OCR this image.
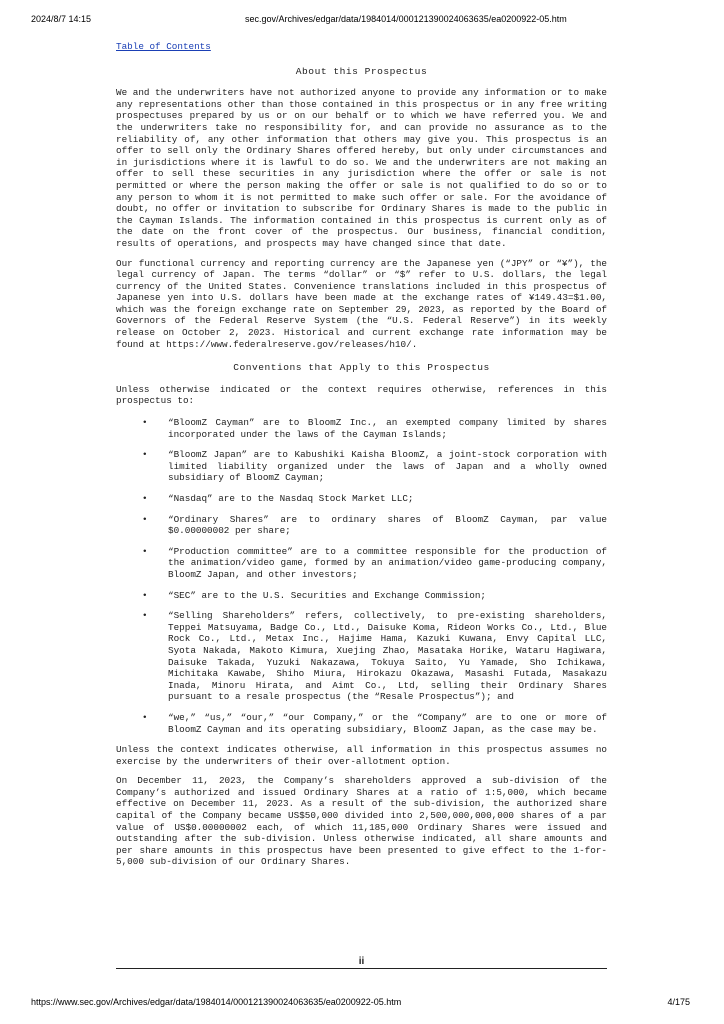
2024/8/7 14:15	sec.gov/Archives/edgar/data/1984014/000121390024063635/ea0200922-05.htm
Table of Contents
About this Prospectus
We and the underwriters have not authorized anyone to provide any information or to make any representations other than those contained in this prospectus or in any free writing prospectuses prepared by us or on our behalf or to which we have referred you. We and the underwriters take no responsibility for, and can provide no assurance as to the reliability of, any other information that others may give you. This prospectus is an offer to sell only the Ordinary Shares offered hereby, but only under circumstances and in jurisdictions where it is lawful to do so. We and the underwriters are not making an offer to sell these securities in any jurisdiction where the offer or sale is not permitted or where the person making the offer or sale is not qualified to do so or to any person to whom it is not permitted to make such offer or sale. For the avoidance of doubt, no offer or invitation to subscribe for Ordinary Shares is made to the public in the Cayman Islands. The information contained in this prospectus is current only as of the date on the front cover of the prospectus. Our business, financial condition, results of operations, and prospects may have changed since that date.
Our functional currency and reporting currency are the Japanese yen (“JPY” or “¥”), the legal currency of Japan. The terms “dollar” or “$” refer to U.S. dollars, the legal currency of the United States. Convenience translations included in this prospectus of Japanese yen into U.S. dollars have been made at the exchange rates of ¥149.43=$1.00, which was the foreign exchange rate on September 29, 2023, as reported by the Board of Governors of the Federal Reserve System (the “U.S. Federal Reserve”) in its weekly release on October 2, 2023. Historical and current exchange rate information may be found at https://www.federalreserve.gov/releases/h10/.
Conventions that Apply to this Prospectus
Unless otherwise indicated or the context requires otherwise, references in this prospectus to:
• “BloomZ Cayman” are to BloomZ Inc., an exempted company limited by shares incorporated under the laws of the Cayman Islands;
• “BloomZ Japan” are to Kabushiki Kaisha BloomZ, a joint-stock corporation with limited liability organized under the laws of Japan and a wholly owned subsidiary of BloomZ Cayman;
• “Nasdaq” are to the Nasdaq Stock Market LLC;
• “Ordinary Shares” are to ordinary shares of BloomZ Cayman, par value $0.00000002 per share;
• “Production committee” are to a committee responsible for the production of the animation/video game, formed by an animation/video game-producing company, BloomZ Japan, and other investors;
• “SEC” are to the U.S. Securities and Exchange Commission;
• “Selling Shareholders” refers, collectively, to pre-existing shareholders, Teppei Matsuyama, Badge Co., Ltd., Daisuke Koma, Rideon Works Co., Ltd., Blue Rock Co., Ltd., Metax Inc., Hajime Hama, Kazuki Kuwana, Envy Capital LLC, Syota Nakada, Makoto Kimura, Xuejing Zhao, Masataka Horike, Wataru Hagiwara, Daisuke Takada, Yuzuki Nakazawa, Tokuya Saito, Yu Yamade, Sho Ichikawa, Michitaka Kawabe, Shiho Miura, Hirokazu Okazawa, Masashi Futada, Masakazu Inada, Minoru Hirata, and Aimt Co., Ltd, selling their Ordinary Shares pursuant to a resale prospectus (the “Resale Prospectus”); and
• “we,” “us,” “our,” “our Company,” or the “Company” are to one or more of BloomZ Cayman and its operating subsidiary, BloomZ Japan, as the case may be.
Unless the context indicates otherwise, all information in this prospectus assumes no exercise by the underwriters of their over-allotment option.
On December 11, 2023, the Company’s shareholders approved a sub-division of the Company’s authorized and issued Ordinary Shares at a ratio of 1:5,000, which became effective on December 11, 2023. As a result of the sub-division, the authorized share capital of the Company became US$50,000 divided into 2,500,000,000,000 shares of a par value of US$0.00000002 each, of which 11,185,000 Ordinary Shares were issued and outstanding after the sub-division. Unless otherwise indicated, all share amounts and per share amounts in this prospectus have been presented to give effect to the 1-for-5,000 sub-division of our Ordinary Shares.
ii
https://www.sec.gov/Archives/edgar/data/1984014/000121390024063635/ea0200922-05.htm	4/175
